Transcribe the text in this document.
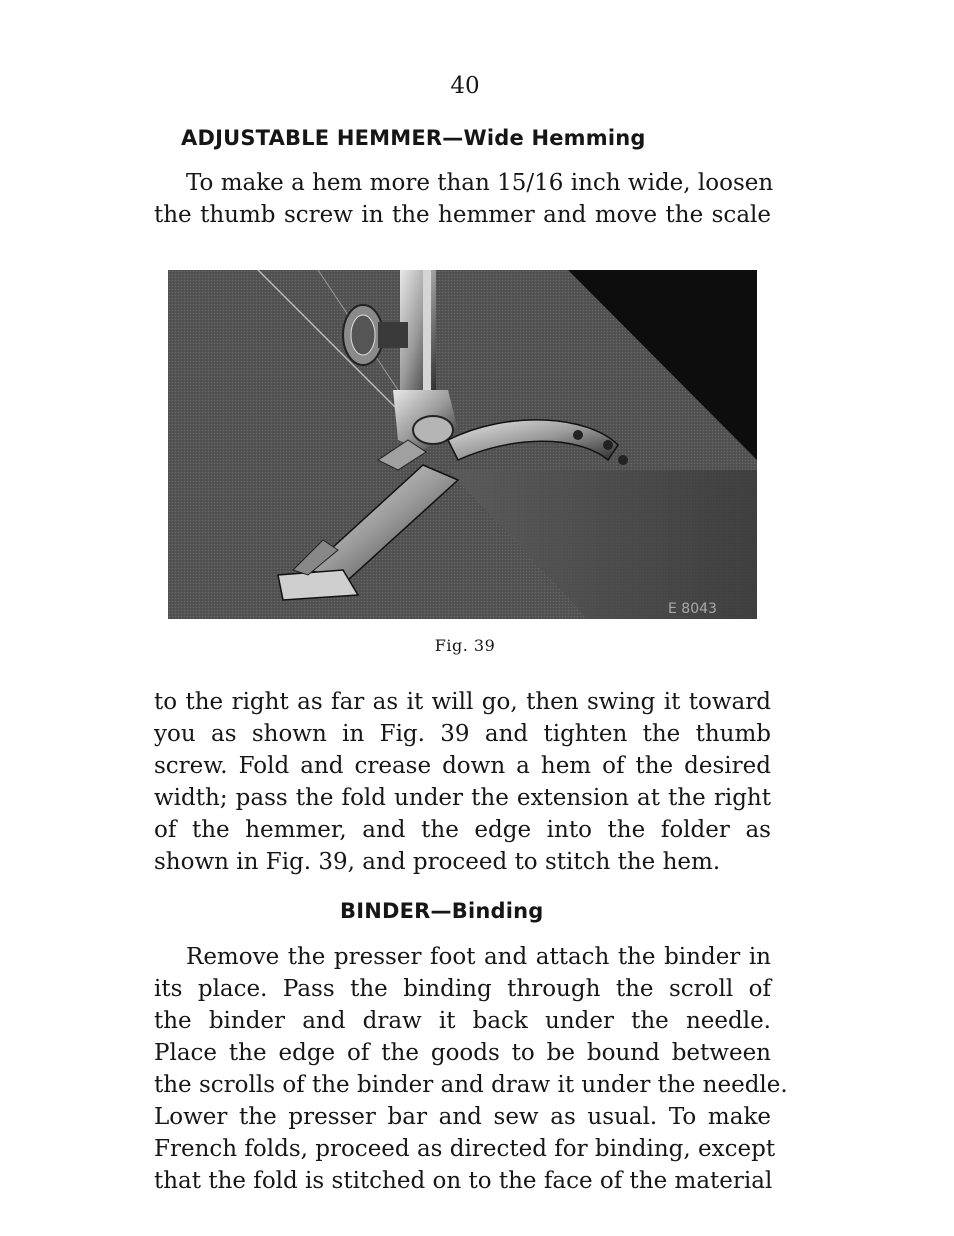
40
ADJUSTABLE HEMMER—Wide Hemming
To make a hem more than 15/16 inch wide, loosen
the thumb screw in the hemmer and move the scale
E 8043
Fig. 39
to the right as far as it will go, then swing it toward
you as shown in Fig. 39 and tighten the thumb
screw. Fold and crease down a hem of the desired
width; pass the fold under the extension at the right
of the hemmer, and the edge into the folder as
shown in Fig. 39, and proceed to stitch the hem.
BINDER—Binding
Remove the presser foot and attach the binder in
its place. Pass the binding through the scroll of
the binder and draw it back under the needle.
Place the edge of the goods to be bound between
the scrolls of the binder and draw it under the needle.
Lower the presser bar and sew as usual. To make
French folds, proceed as directed for binding, except
that the fold is stitched on to the face of the material
